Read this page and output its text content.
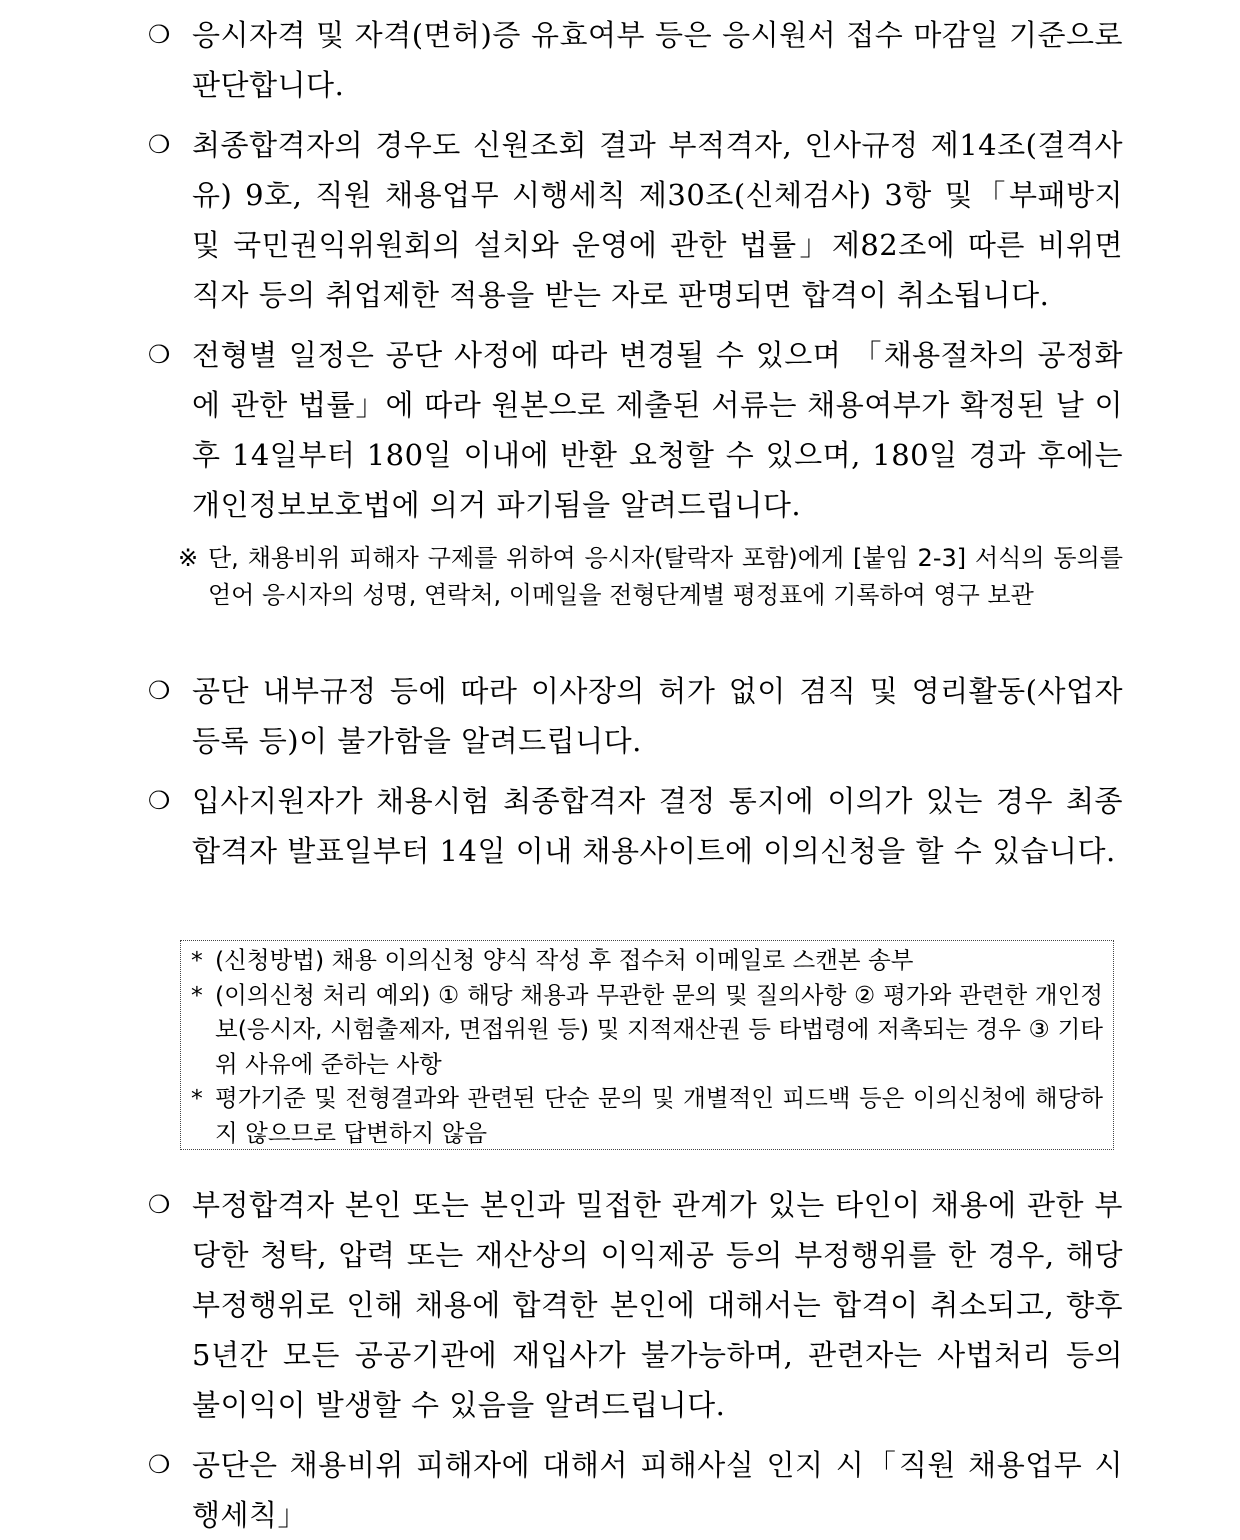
❍ 응시자격 및 자격(면허)증 유효여부 등은 응시원서 접수 마감일 기준으로 판단합니다.
❍ 최종합격자의 경우도 신원조회 결과 부적격자, 인사규정 제14조(결격사유) 9호, 직원 채용업무 시행세칙 제30조(신체검사) 3항 및「부패방지 및 국민권익위원회의 설치와 운영에 관한 법률」제82조에 따른 비위면직자 등의 취업제한 적용을 받는 자로 판명되면 합격이 취소됩니다.
❍ 전형별 일정은 공단 사정에 따라 변경될 수 있으며 「채용절차의 공정화에 관한 법률」에 따라 원본으로 제출된 서류는 채용여부가 확정된 날 이후 14일부터 180일 이내에 반환 요청할 수 있으며, 180일 경과 후에는 개인정보보호법에 의거 파기됨을 알려드립니다.
※ 단, 채용비위 피해자 구제를 위하여 응시자(탈락자 포함)에게 [붙임 2-3] 서식의 동의를 얻어 응시자의 성명, 연락처, 이메일을 전형단계별 평정표에 기록하여 영구 보관
❍ 공단 내부규정 등에 따라 이사장의 허가 없이 겸직 및 영리활동(사업자 등록 등)이 불가함을 알려드립니다.
❍ 입사지원자가 채용시험 최종합격자 결정 통지에 이의가 있는 경우 최종합격자 발표일부터 14일 이내 채용사이트에 이의신청을 할 수 있습니다.
* (신청방법) 채용 이의신청 양식 작성 후 접수처 이메일로 스캔본 송부
* (이의신청 처리 예외) ① 해당 채용과 무관한 문의 및 질의사항 ② 평가와 관련한 개인정보(응시자, 시험출제자, 면접위원 등) 및 지적재산권 등 타법령에 저촉되는 경우 ③ 기타 위 사유에 준하는 사항
* 평가기준 및 전형결과와 관련된 단순 문의 및 개별적인 피드백 등은 이의신청에 해당하지 않으므로 답변하지 않음
❍ 부정합격자 본인 또는 본인과 밀접한 관계가 있는 타인이 채용에 관한 부당한 청탁, 압력 또는 재산상의 이익제공 등의 부정행위를 한 경우, 해당 부정행위로 인해 채용에 합격한 본인에 대해서는 합격이 취소되고, 향후 5년간 모든 공공기관에 재입사가 불가능하며, 관련자는 사법처리 등의 불이익이 발생할 수 있음을 알려드립니다.
❍ 공단은 채용비위 피해자에 대해서 피해사실 인지 시「직원 채용업무 시행세칙」
